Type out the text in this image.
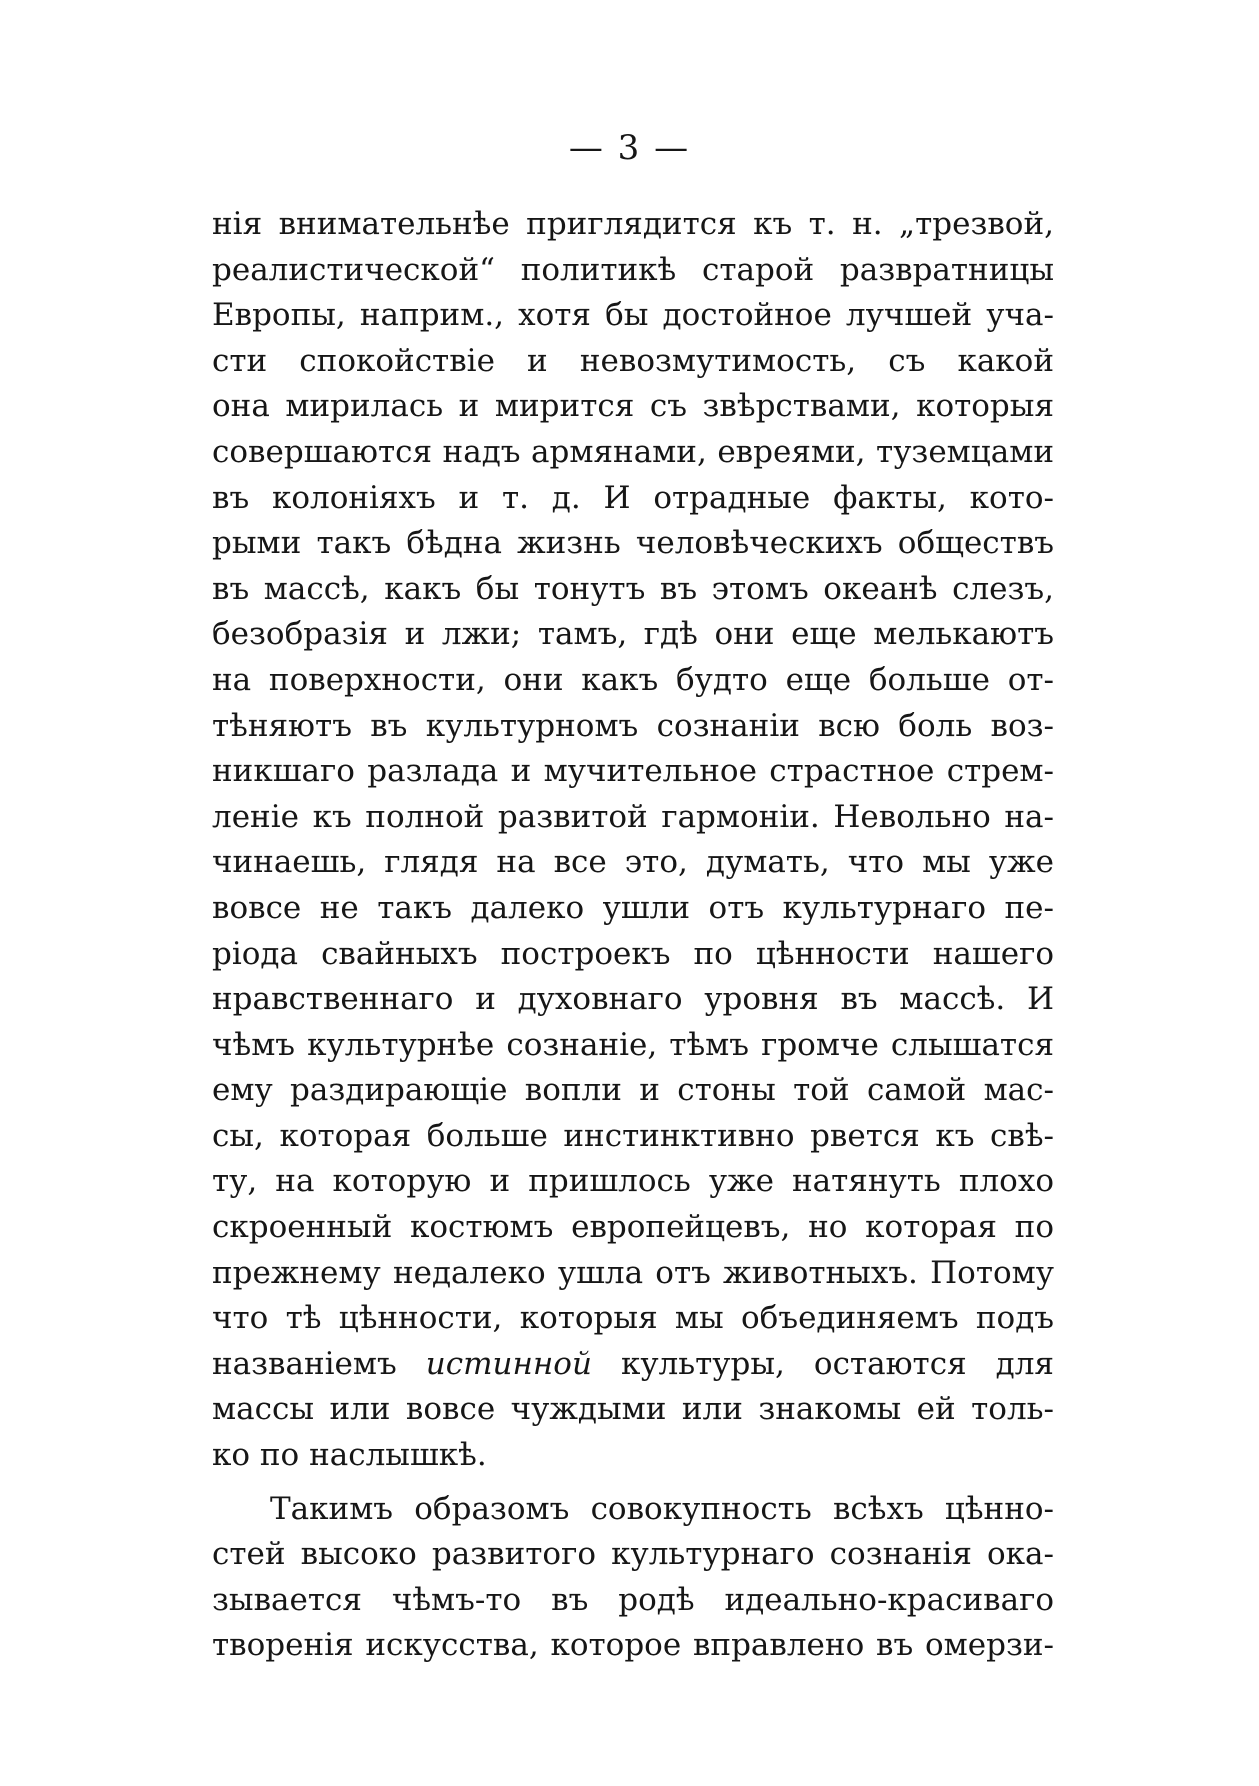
— 3 —
нія внимательнѣе приглядится къ т. н. „трезвой,
реалистической“ политикѣ старой развратницы
Европы, наприм., хотя бы достойное лучшей уча-
сти спокойствіе и невозмутимость, съ какой
она мирилась и мирится съ звѣрствами, которыя
совершаются надъ армянами, евреями, туземцами
въ колоніяхъ и т. д. И отрадные факты, кото-
рыми такъ бѣдна жизнь человѣческихъ обществъ
въ массѣ, какъ бы тонутъ въ этомъ океанѣ слезъ,
безобразія и лжи; тамъ, гдѣ они еще мелькаютъ
на поверхности, они какъ будто еще больше от-
тѣняютъ въ культурномъ сознаніи всю боль воз-
никшаго разлада и мучительное страстное стрем-
леніе къ полной развитой гармоніи. Невольно на-
чинаешь, глядя на все это, думать, что мы уже
вовсе не такъ далеко ушли отъ культурнаго пе-
ріода свайныхъ построекъ по цѣнности нашего
нравственнаго и духовнаго уровня въ массѣ. И
чѣмъ культурнѣе сознаніе, тѣмъ громче слышатся
ему раздирающіе вопли и стоны той самой мас-
сы, которая больше инстинктивно рвется къ свѣ-
ту, на которую и пришлось уже натянуть плохо
скроенный костюмъ европейцевъ, но которая по
прежнему недалеко ушла отъ животныхъ. Потому
что тѣ цѣнности, которыя мы объединяемъ подъ
названіемъ истинной культуры, остаются для
массы или вовсе чуждыми или знакомы ей толь-
ко по наслышкѣ.
Такимъ образомъ совокупность всѣхъ цѣнно-
стей высоко развитого культурнаго сознанія ока-
зывается чѣмъ-то въ родѣ идеально-красиваго
творенія искусства, которое вправлено въ омерзи-
